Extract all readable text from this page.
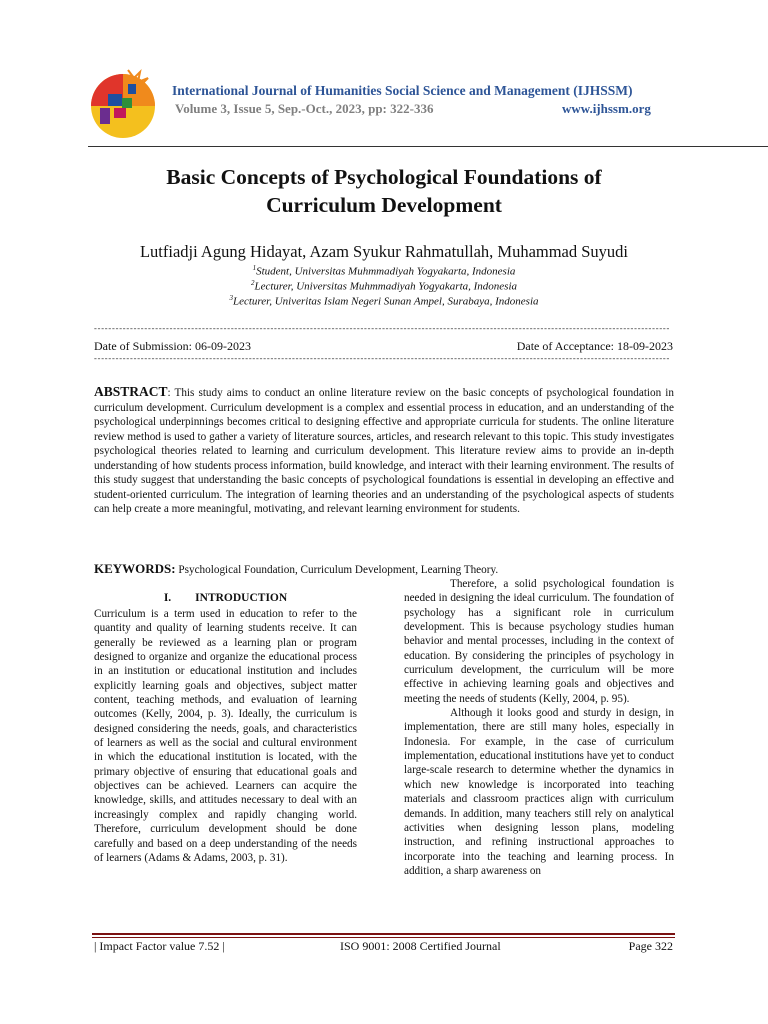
International Journal of Humanities Social Science and Management (IJHSSM)
Volume 3, Issue 5, Sep.-Oct., 2023, pp: 322-336	www.ijhssm.org
Basic Concepts of Psychological Foundations of
Curriculum Development
Lutfiadji Agung Hidayat, Azam Syukur Rahmatullah, Muhammad Suyudi
$^1$Student, Universitas Muhmmadiyah Yogyakarta, Indonesia
$^2$Lecturer, Universitas Muhmmadiyah Yogyakarta, Indonesia
$^3$Lecturer, Univeritas Islam Negeri Sunan Ampel, Surabaya, Indonesia
----------------------------------------------------------------------------------------------------------------------------------------------------------------
Date of Submission: 06-09-2023	Date of Acceptance: 18-09-2023
----------------------------------------------------------------------------------------------------------------------------------------------------------------
ABSTRACT: This study aims to conduct an online literature review on the basic concepts of psychological foundation in curriculum development. Curriculum development is a complex and essential process in education, and an understanding of the psychological underpinnings becomes critical to designing effective and appropriate curricula for students. The online literature review method is used to gather a variety of literature sources, articles, and research relevant to this topic. This study investigates psychological theories related to learning and curriculum development. This literature review aims to provide an in-depth understanding of how students process information, build knowledge, and interact with their learning environment. The results of this study suggest that understanding the basic concepts of psychological foundations is essential in developing an effective and student-oriented curriculum. The integration of learning theories and an understanding of the psychological aspects of students can help create a more meaningful, motivating, and relevant learning environment for students.
KEYWORDS: Psychological Foundation, Curriculum Development, Learning Theory.
I. INTRODUCTION

Curriculum is a term used in education to refer to the quantity and quality of learning students receive. It can generally be reviewed as a learning plan or program designed to organize and organize the educational process in an institution or educational institution and includes explicitly learning goals and objectives, subject matter content, teaching methods, and evaluation of learning outcomes (Kelly, 2004, p. 3). Ideally, the curriculum is designed considering the needs, goals, and characteristics of learners as well as the social and cultural environment in which the educational institution is located, with the primary objective of ensuring that educational goals and objectives can be achieved. Learners can acquire the knowledge, skills, and attitudes necessary to deal with an increasingly complex and rapidly changing world. Therefore, curriculum development should be done carefully and based on a deep understanding of the needs of learners (Adams & Adams, 2003, p. 31).

Therefore, a solid psychological foundation is needed in designing the ideal curriculum. The foundation of psychology has a significant role in curriculum development. This is because psychology studies human behavior and mental processes, including in the context of education. By considering the principles of psychology in curriculum development, the curriculum will be more effective in achieving learning goals and objectives and meeting the needs of students (Kelly, 2004, p. 95).

Although it looks good and sturdy in design, in implementation, there are still many holes, especially in Indonesia. For example, in the case of curriculum implementation, educational institutions have yet to conduct large-scale research to determine whether the dynamics in which new knowledge is incorporated into teaching materials and classroom practices align with curriculum demands. In addition, many teachers still rely on analytical activities when designing lesson plans, modeling instruction, and refining instructional approaches to incorporate into the teaching and learning process. In addition, a sharp awareness on

| Impact Factor value 7.52 |	ISO 9001: 2008 Certified Journal	Page 322
